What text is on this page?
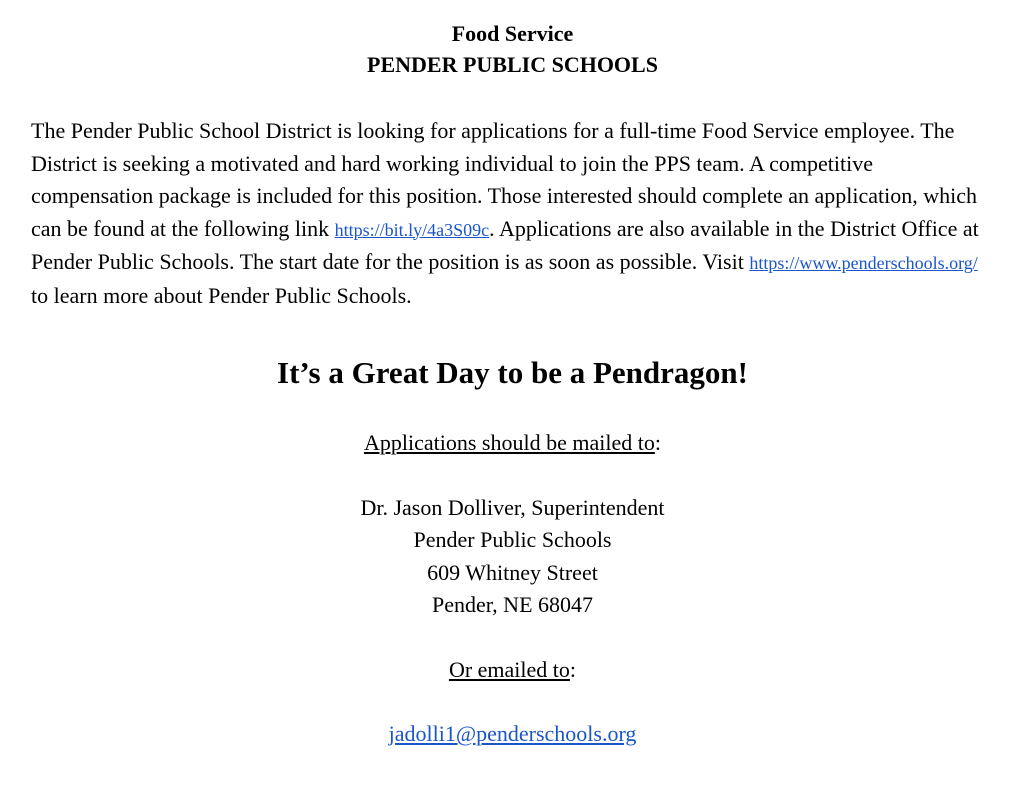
Food Service

PENDER PUBLIC SCHOOLS

The Pender Public School District is looking for applications for a full-time Food Service employee. The District is seeking a motivated and hard working individual to join the PPS team. A competitive compensation package is included for this position. Those interested should complete an application, which can be found at the following link https://bit.ly/4a3S09c. Applications are also available in the District Office at Pender Public Schools. The start date for the position is as soon as possible. Visit https://www.penderschools.org/ to learn more about Pender Public Schools.

It’s a Great Day to be a Pendragon!

Applications should be mailed to:

Dr. Jason Dolliver, Superintendent

Pender Public Schools

609 Whitney Street

Pender, NE 68047

Or emailed to:

jadolli1@penderschools.org
